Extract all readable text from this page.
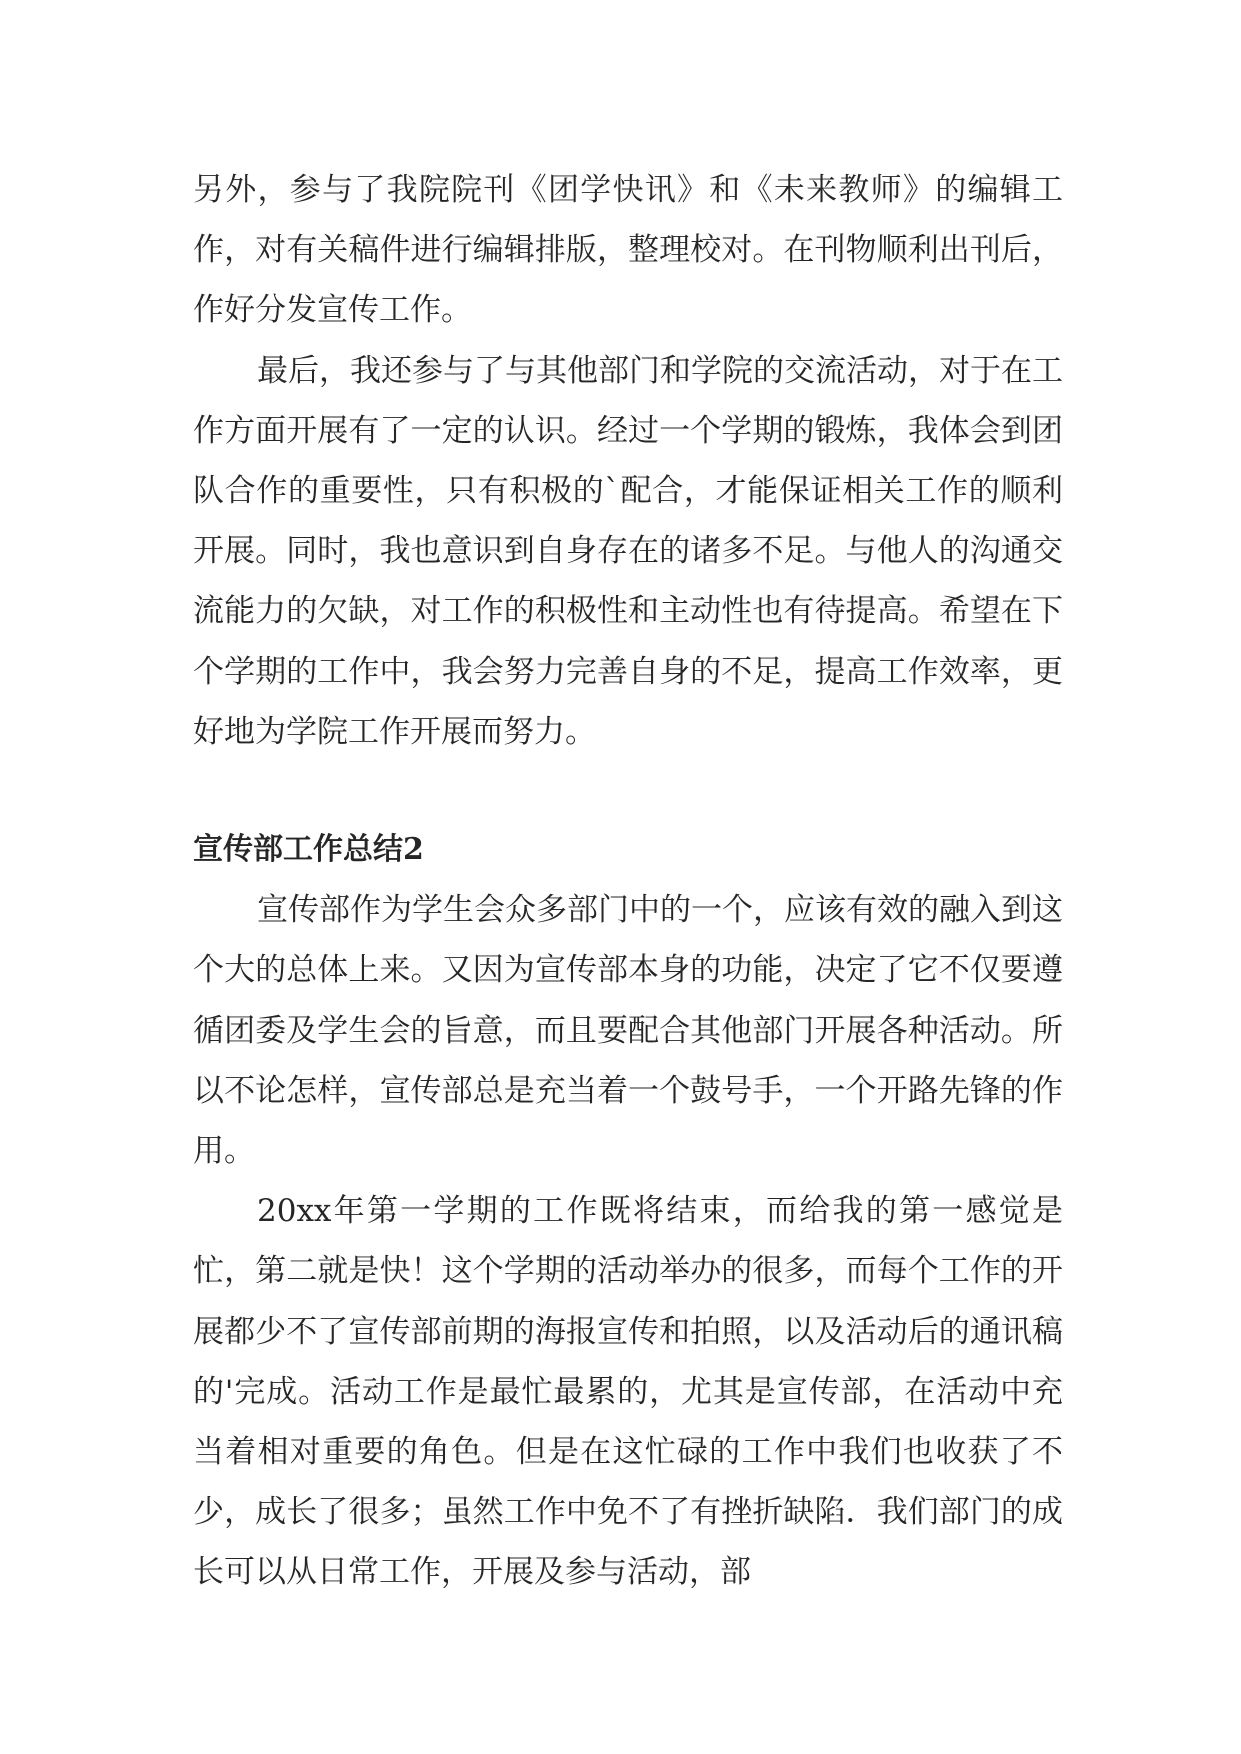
另外，参与了我院院刊《团学快讯》和《未来教师》的编辑工作，对有关稿件进行编辑排版，整理校对。在刊物顺利出刊后，作好分发宣传工作。

最后，我还参与了与其他部门和学院的交流活动，对于在工作方面开展有了一定的认识。经过一个学期的锻炼，我体会到团队合作的重要性，只有积极的`配合，才能保证相关工作的顺利开展。同时，我也意识到自身存在的诸多不足。与他人的沟通交流能力的欠缺，对工作的积极性和主动性也有待提高。希望在下个学期的工作中，我会努力完善自身的不足，提高工作效率，更好地为学院工作开展而努力。

宣传部工作总结2

宣传部作为学生会众多部门中的一个，应该有效的融入到这个大的总体上来。又因为宣传部本身的功能，决定了它不仅要遵循团委及学生会的旨意，而且要配合其他部门开展各种活动。所以不论怎样，宣传部总是充当着一个鼓号手，一个开路先锋的作用。

20xx年第一学期的工作既将结束，而给我的第一感觉是忙，第二就是快！这个学期的活动举办的很多，而每个工作的开展都少不了宣传部前期的海报宣传和拍照，以及活动后的通讯稿的'完成。活动工作是最忙最累的，尤其是宣传部，在活动中充当着相对重要的角色。但是在这忙碌的工作中我们也收获了不少，成长了很多；虽然工作中免不了有挫折缺陷．我们部门的成长可以从日常工作，开展及参与活动，部
